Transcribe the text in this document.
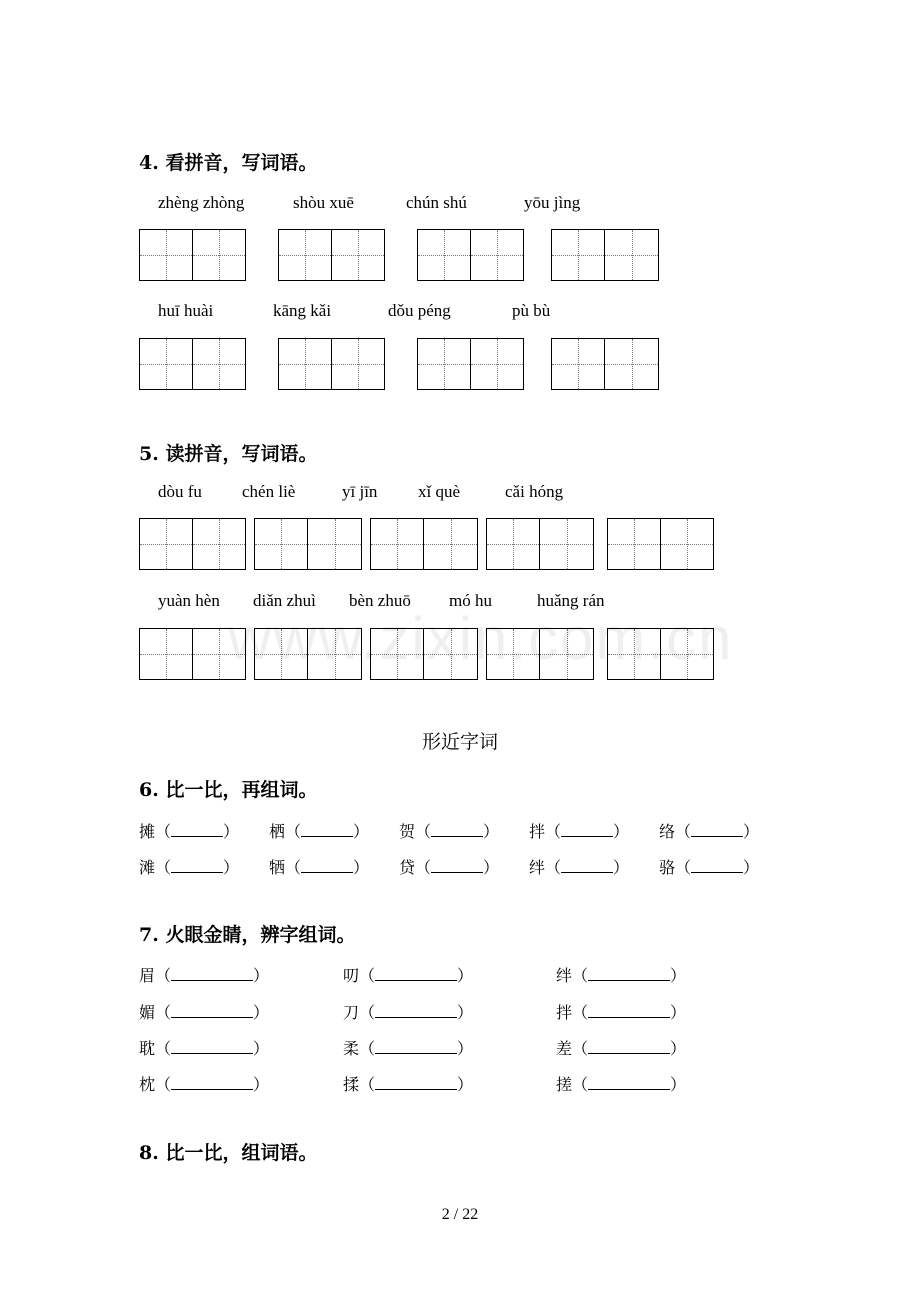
4. 看拼音，写词语。
zhèng zhòng	shòu xuē	chún shú	yōu jìng
huī huài	kāng kǎi	dǒu péng	pù bù
5. 读拼音，写词语。
dòu fu chén liè	yī jīn xǐ què	cǎi hóng
yuàn hèn diǎn zhuì bèn zhuō mó hu	huǎng rán
www.zixin.com.cn
形近字词
6. 比一比，再组词。
摊（	） 栖（	） 贺（	） 拌（	） 络（	）
滩（	） 牺（	） 贷（	） 绊（	） 骆（	）
7. 火眼金睛，辨字组词。
眉（	）	叨（	）	绊（	）
媚（	）	刀（	）	拌（	）
耽（	）	柔（	）	差（	）
枕（	）	揉（	）	搓（	）
8. 比一比，组词语。
2 / 22
